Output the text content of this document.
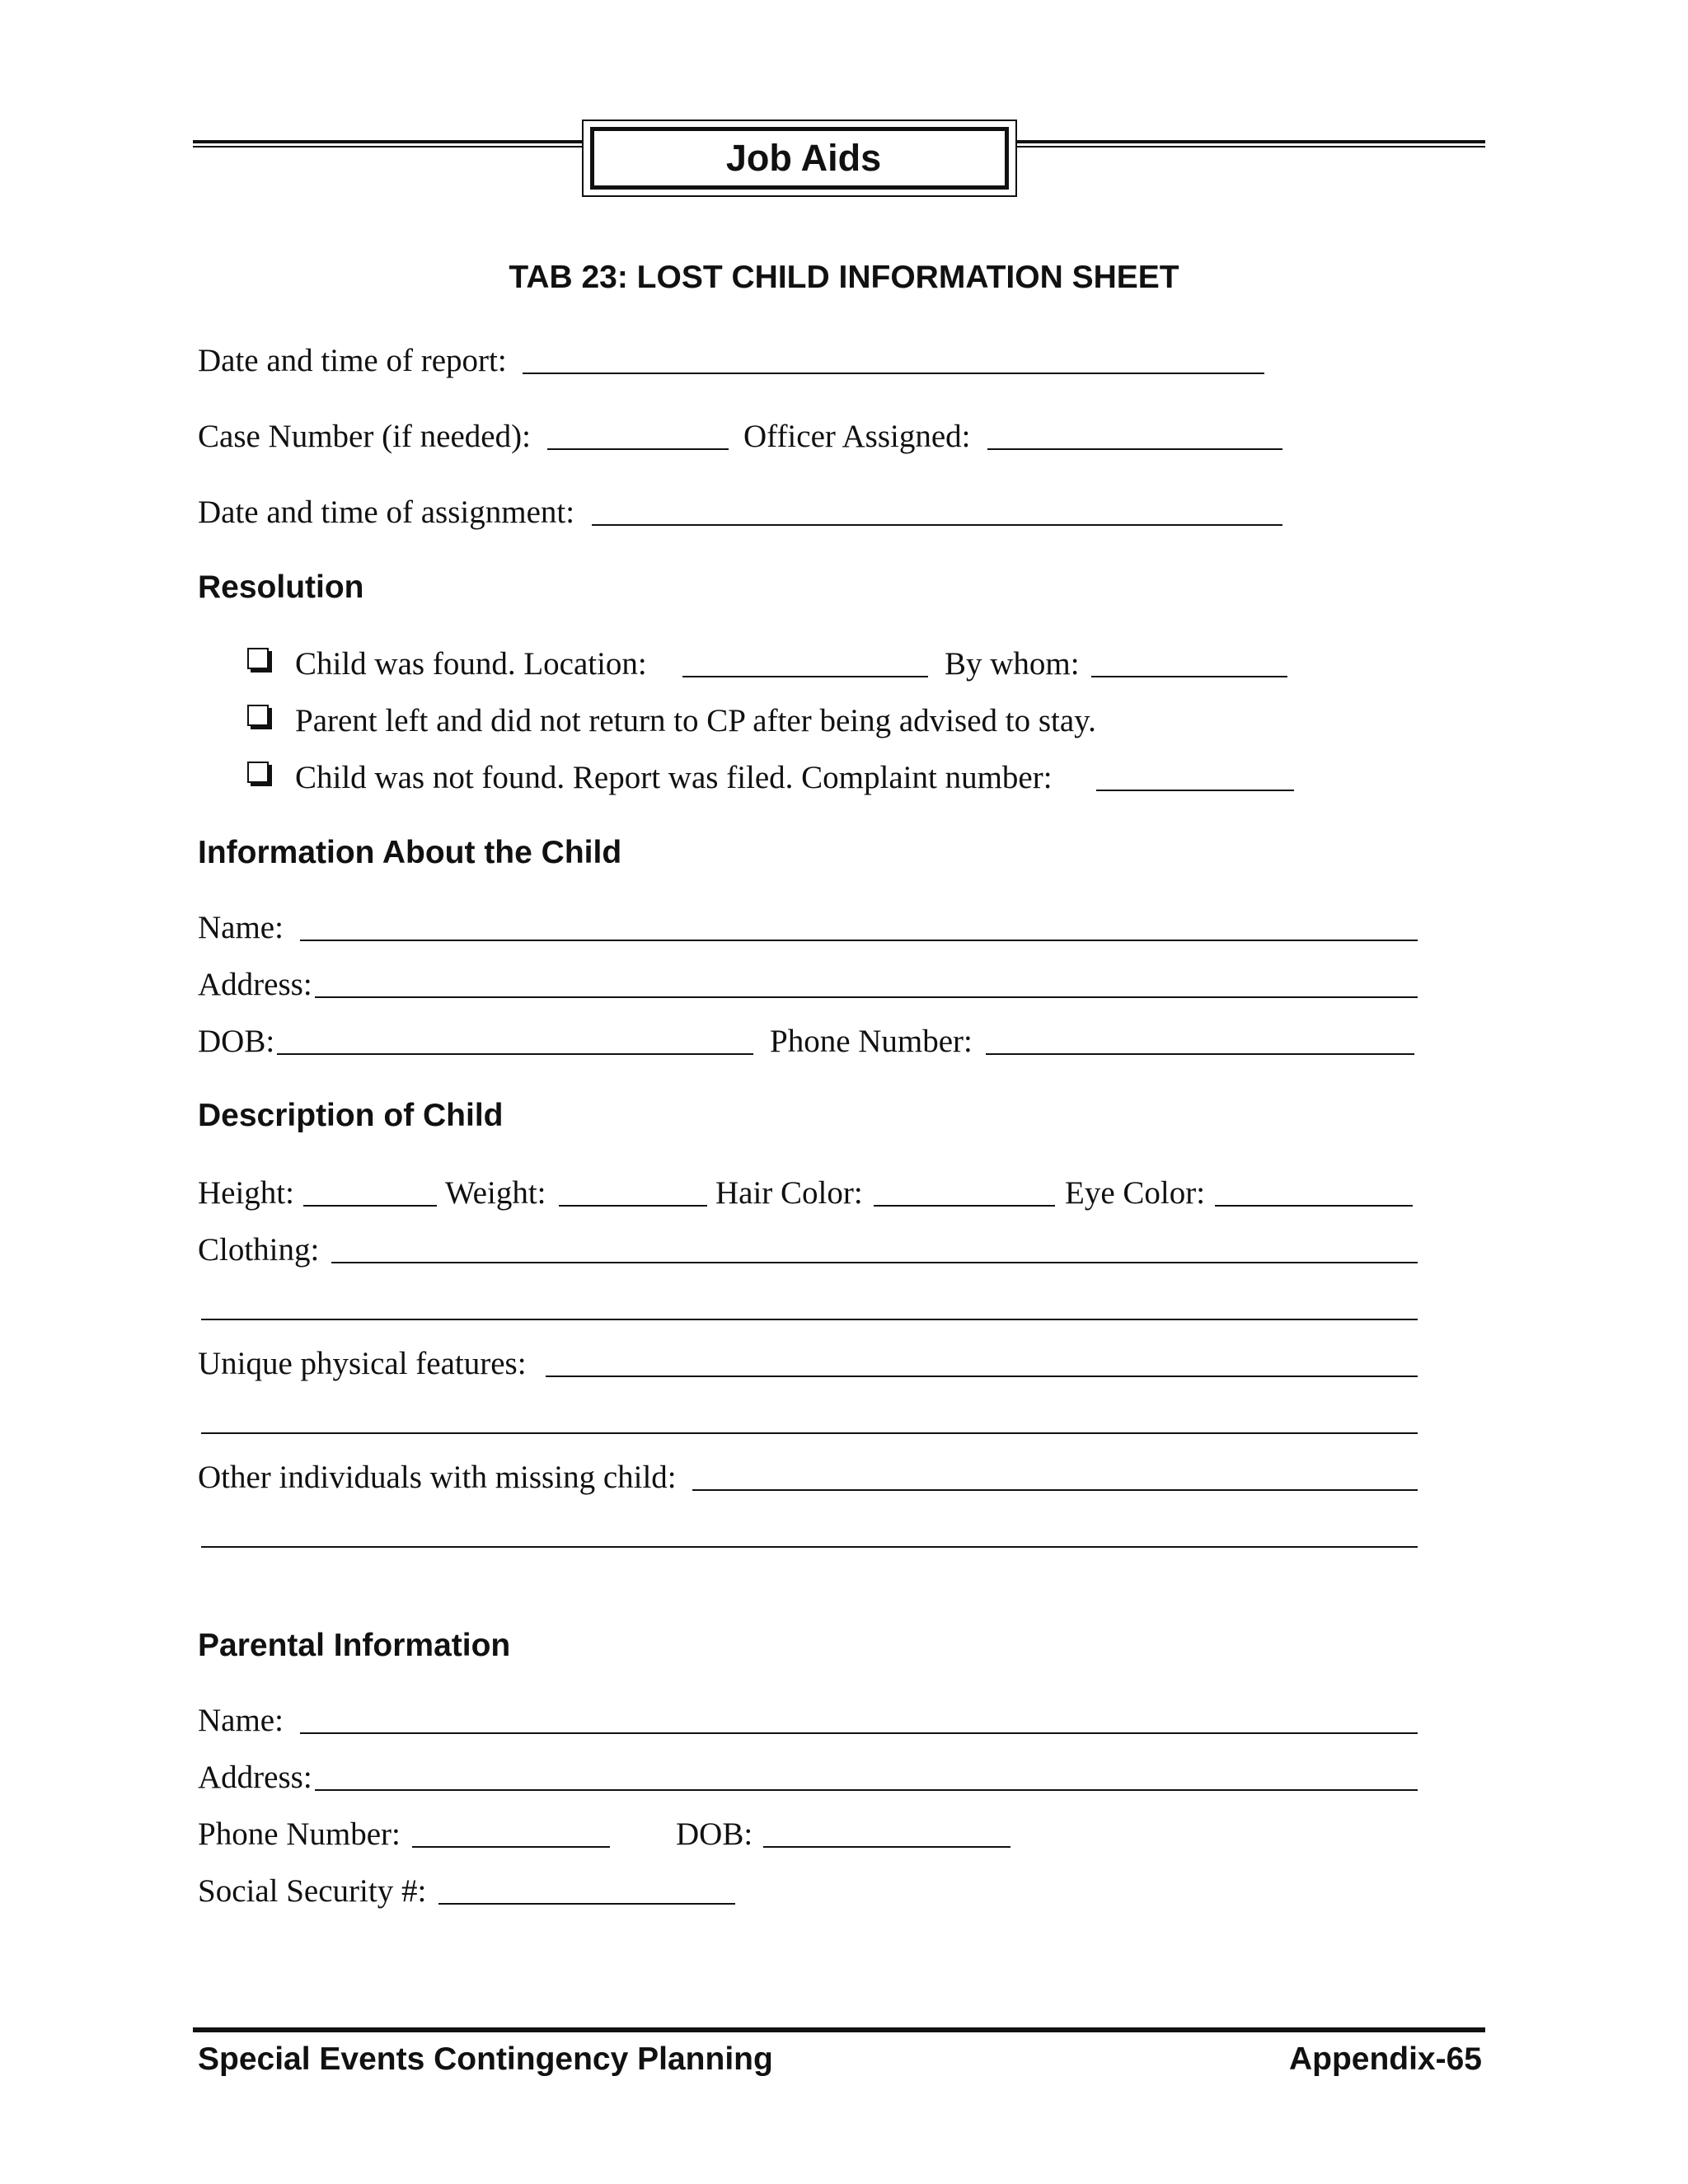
Job Aids
TAB 23: LOST CHILD INFORMATION SHEET
Date and time of report:
Case Number (if needed):	Officer Assigned:
Date and time of assignment:
Resolution
Child was found. Location:	By whom:
Parent left and did not return to CP after being advised to stay.
Child was not found. Report was filed. Complaint number:
Information About the Child
Name:
Address:
DOB:	Phone Number:
Description of Child
Height:	Weight:	Hair Color:	Eye Color:
Clothing:
Unique physical features:
Other individuals with missing child:
Parental Information
Name:
Address:
Phone Number:	DOB:
Social Security #:
Special Events Contingency Planning	Appendix-65
